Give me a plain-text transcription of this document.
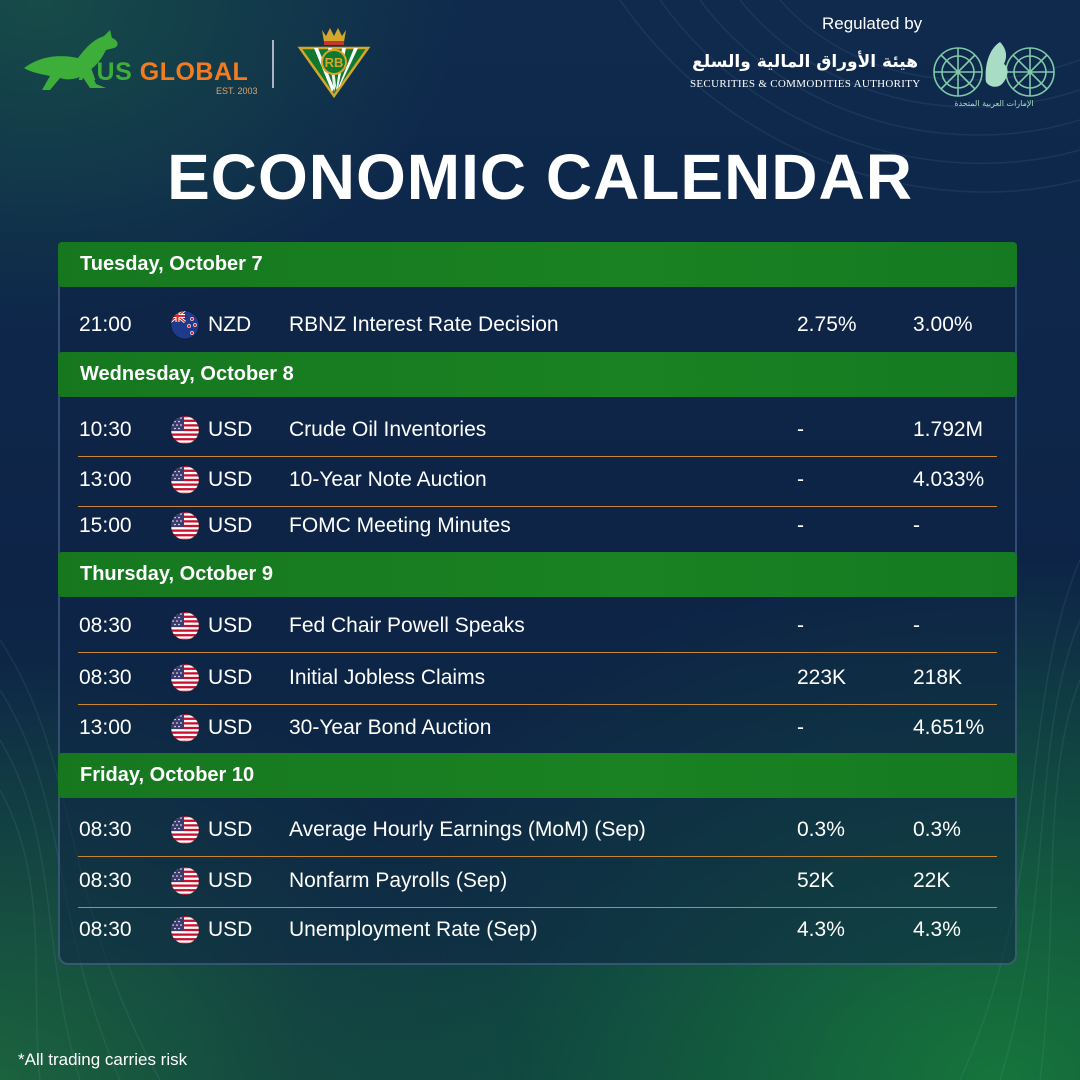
AUS GLOBAL
EST. 2003
RB
Regulated by
هيئة الأوراق المالية والسلع
SECURITIES & COMMODITIES AUTHORITY
الإمارات العربية المتحدة
ECONOMIC CALENDAR
Tuesday, October 7
21:00	NZD RBNZ Interest Rate Decision	2.75%	3.00%
Wednesday, October 8
10:30	USD Crude Oil Inventories	-	1.792M
13:00	USD 10-Year Note Auction	-	4.033%
15:00	USD FOMC Meeting Minutes	-	-
Thursday, October 9
08:30	USD Fed Chair Powell Speaks	-	-
08:30	USD Initial Jobless Claims	223K	218K
13:00	USD 30-Year Bond Auction	-	4.651%
Friday, October 10
08:30	USD Average Hourly Earnings (MoM) (Sep)	0.3%	0.3%
08:30	USD Nonfarm Payrolls (Sep)	52K	22K
08:30	USD Unemployment Rate (Sep)	4.3%	4.3%
*All trading carries risk
